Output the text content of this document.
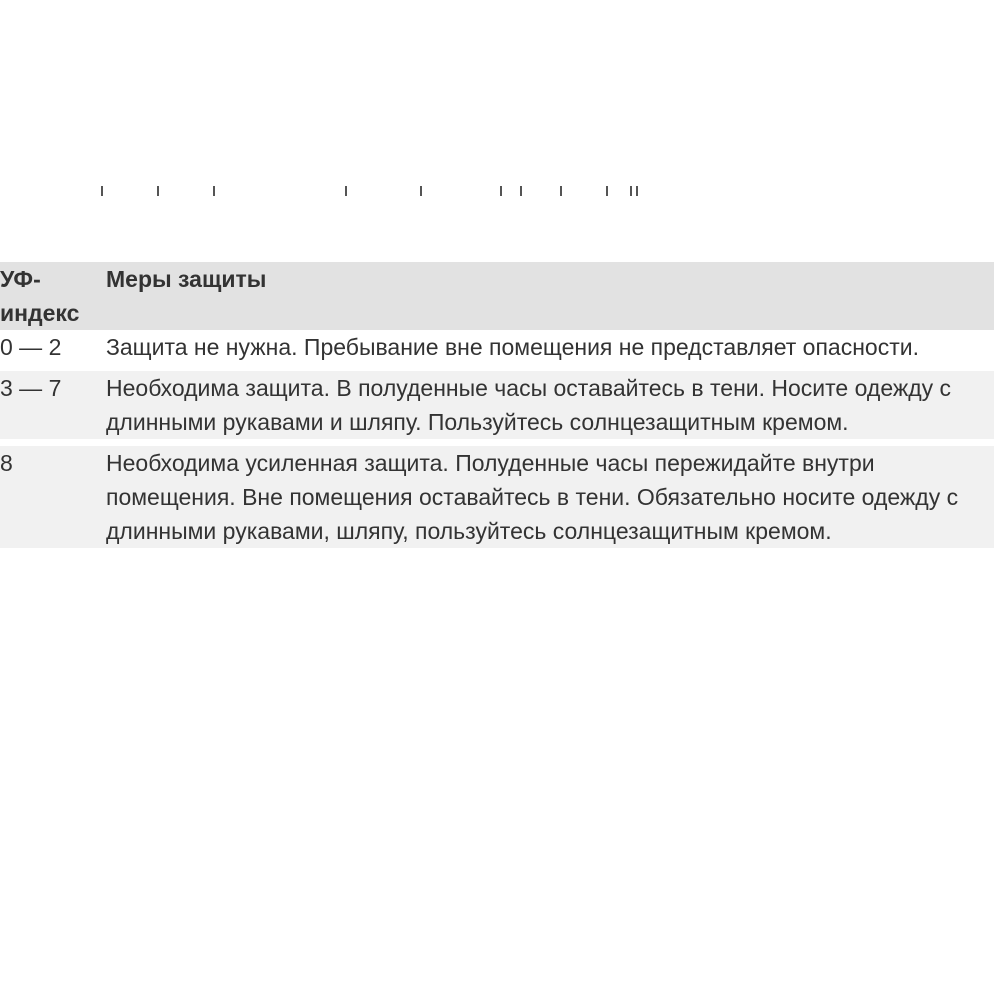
УФ-индекс	Меры защиты
0 — 2	Защита не нужна. Пребывание вне помещения не представляет опасности.

3 — 7	Необходима защита. В полуденные часы оставайтесь в тени. Носите одежду с длинными рукавами и шляпу. Пользуйтесь солнцезащитным кремом.

8	Необходима усиленная защита. Полуденные часы пережидайте внутри помещения. Вне помещения оставайтесь в тени. Обязательно носите одежду с длинными рукавами, шляпу, пользуйтесь солнцезащитным кремом.
